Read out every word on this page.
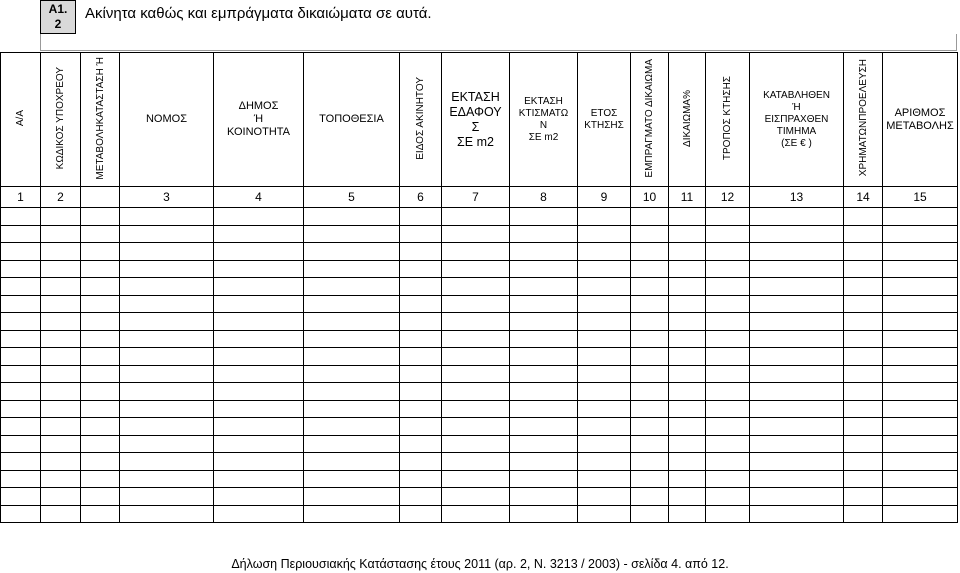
A1.
2
Ακίνητα καθώς και εμπράγματα δικαιώματα σε αυτά.
Α/Α	ΚΩΔΙΚΟΣ ΥΠΟΧΡΕΟΥ	ΜΕΤΑΒΟΛΗΚΑΤΑΣΤΑΣΗ Ή	ΝΟΜΟΣ	ΔΗΜΟΣ
Ή
ΚΟΙΝΟΤΗΤΑ	ΤΟΠΟΘΕΣΙΑ	ΕΙΔΟΣ ΑΚΙΝΗΤΟΥ	ΕΚΤΑΣΗ
ΕΔΑΦΟΥ
Σ
ΣΕ m2	ΕΚΤΑΣΗ
ΚΤΙΣΜΑΤΩ
Ν
ΣΕ m2	ΕΤΟΣ
ΚΤΗΣΗΣ	ΕΜΠΡΑΓΜΑΤΟ ΔΙΚΑΙΩΜΑ	ΔΙΚΑΙΩΜΑ%	ΤΡΟΠΟΣ ΚΤΗΣΗΣ	ΚΑΤΑΒΛΗΘΕΝ
Ή
ΕΙΣΠΡΑΧΘΕΝ
ΤΙΜΗΜΑ
(ΣΕ € )	ΧΡΗΜΑΤΩΝΠΡΟΕΛΕΥΣΗ	ΑΡΙΘΜΟΣ
ΜΕΤΑΒΟΛΗΣ

1	2		3	4	5	6	7	8	9	10	11	12	13	14	15

Δήλωση Περιουσιακής Κατάστασης έτους 2011 (αρ. 2, Ν. 3213 / 2003) - σελίδα 4. από 12.
